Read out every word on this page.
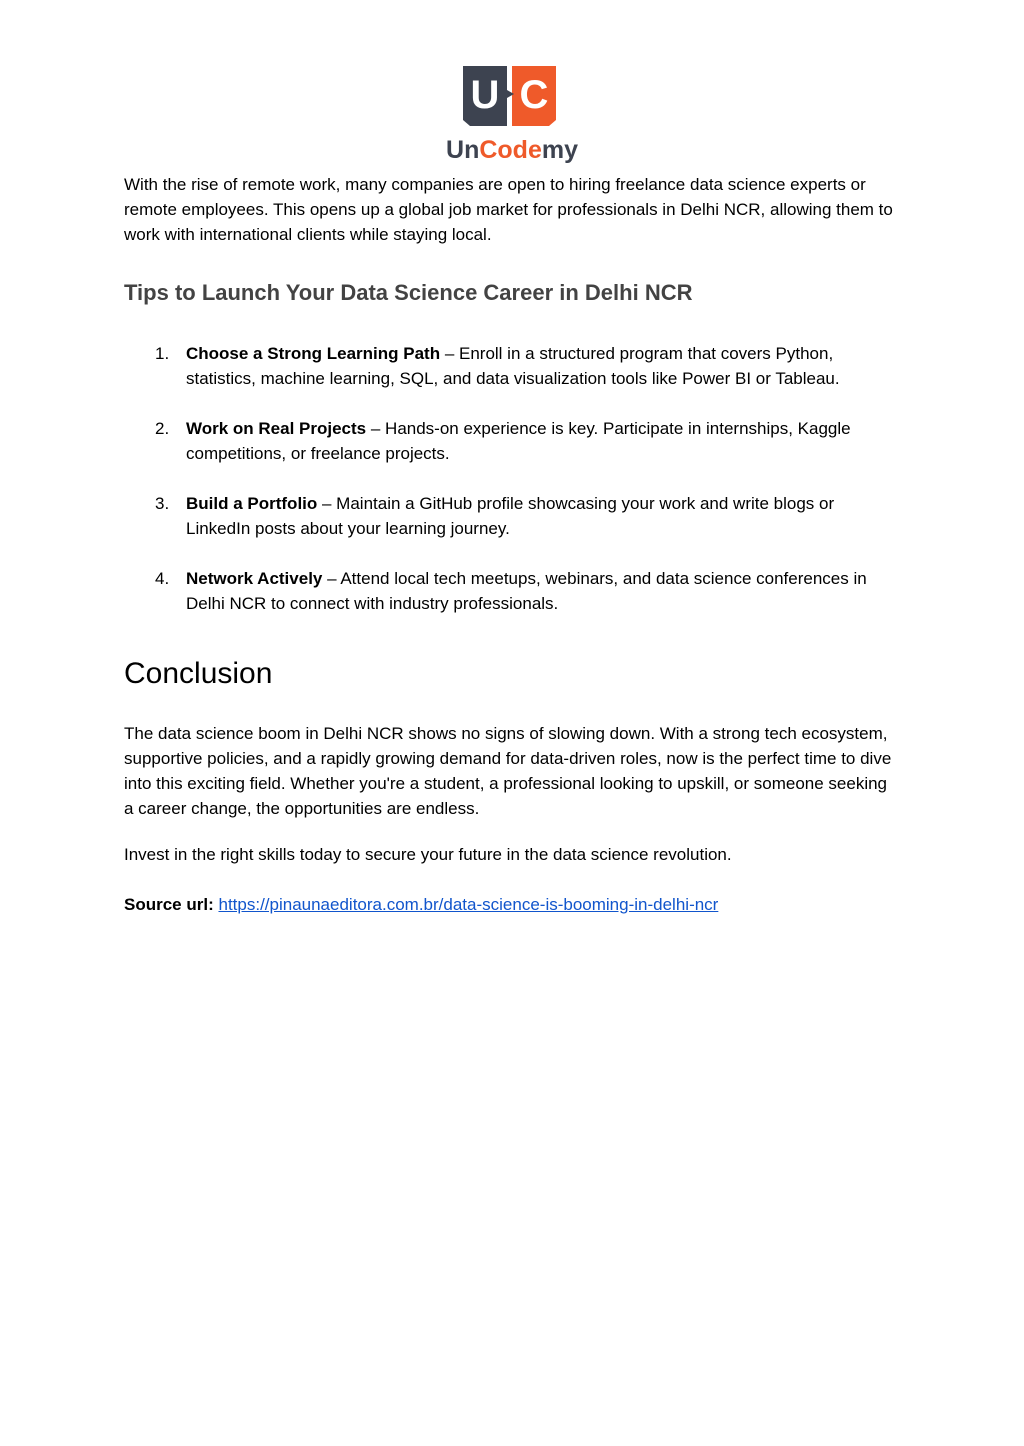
U C
UnCodemy

With the rise of remote work, many companies are open to hiring freelance data science experts or remote employees. This opens up a global job market for professionals in Delhi NCR, allowing them to work with international clients while staying local.

Tips to Launch Your Data Science Career in Delhi NCR
1. Choose a Strong Learning Path – Enroll in a structured program that covers Python, statistics, machine learning, SQL, and data visualization tools like Power BI or Tableau.
2. Work on Real Projects – Hands-on experience is key. Participate in internships, Kaggle competitions, or freelance projects.
3. Build a Portfolio – Maintain a GitHub profile showcasing your work and write blogs or LinkedIn posts about your learning journey.
4. Network Actively – Attend local tech meetups, webinars, and data science conferences in Delhi NCR to connect with industry professionals.
Conclusion

The data science boom in Delhi NCR shows no signs of slowing down. With a strong tech ecosystem, supportive policies, and a rapidly growing demand for data-driven roles, now is the perfect time to dive into this exciting field. Whether you're a student, a professional looking to upskill, or someone seeking a career change, the opportunities are endless.

Invest in the right skills today to secure your future in the data science revolution.

Source url: https://pinaunaeditora.com.br/data-science-is-booming-in-delhi-ncr
